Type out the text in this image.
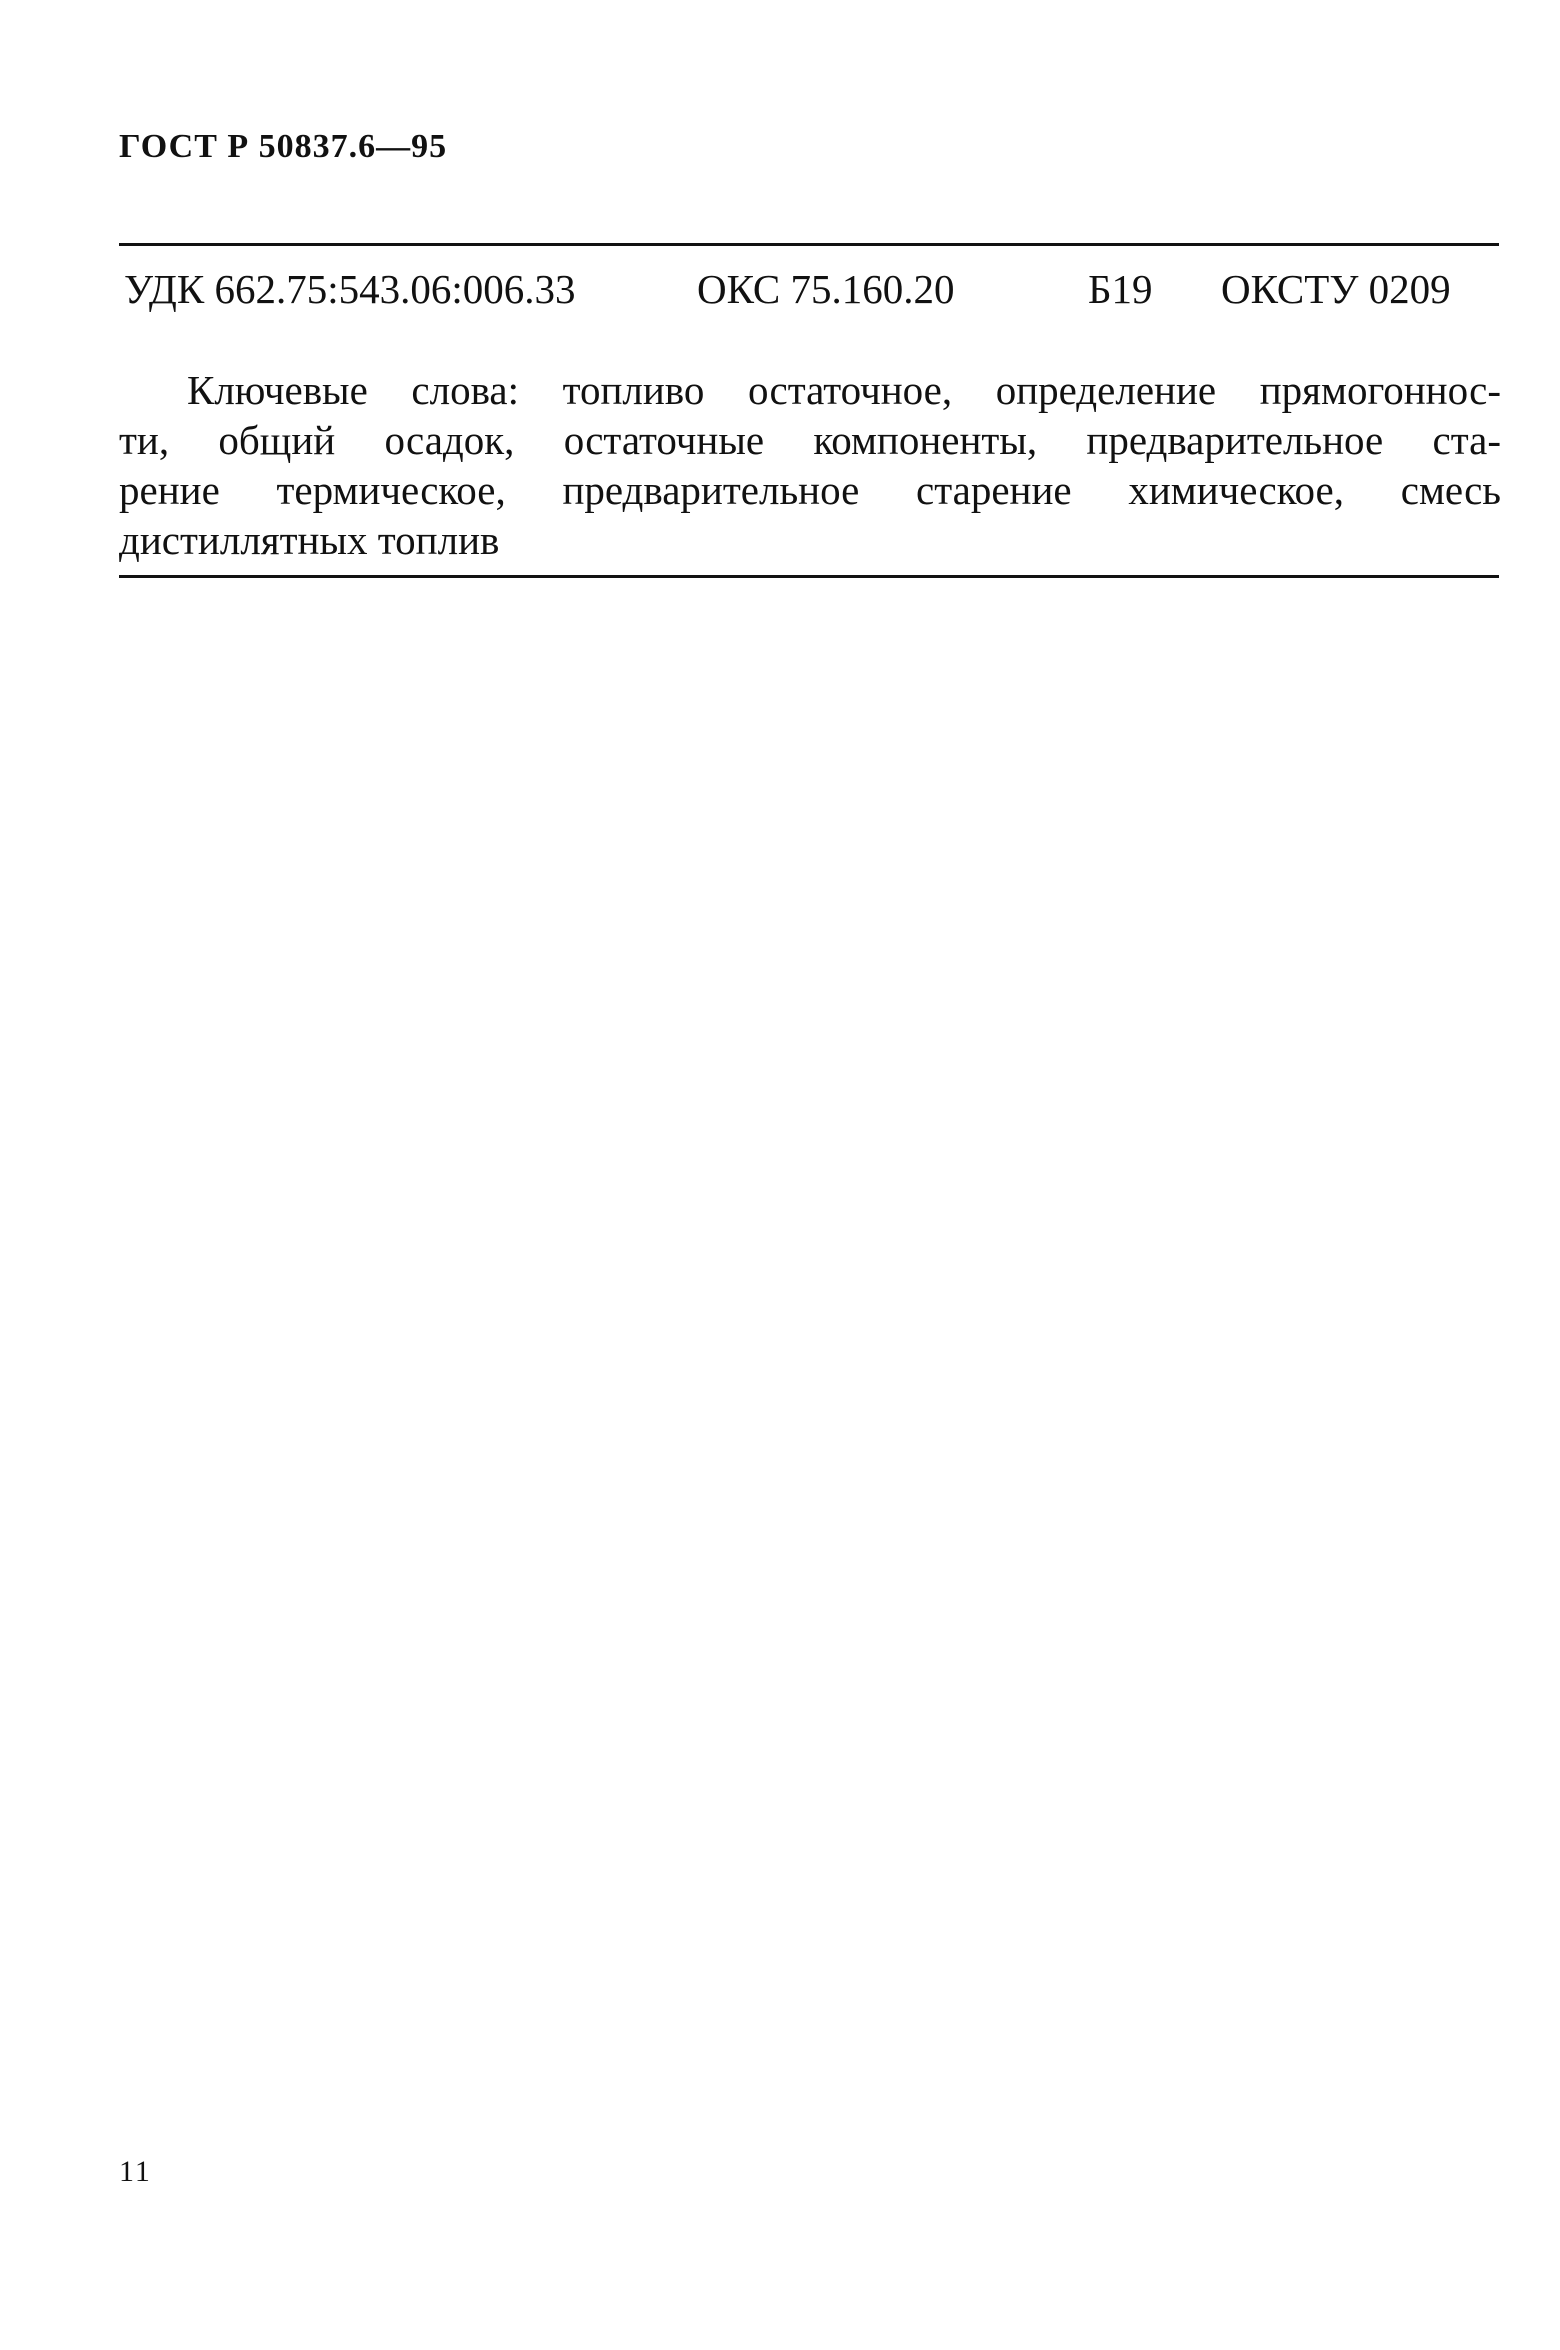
ГОСТ Р 50837.6—95
УДК 662.75:543.06:006.33	ОКС 75.160.20	Б19 ОКСТУ 0209
Ключевые слова: топливо остаточное, определение прямогоннос-
ти, общий осадок, остаточные компоненты, предварительное ста-
рение термическое, предварительное старение химическое, смесь
дистиллятных топлив
11
